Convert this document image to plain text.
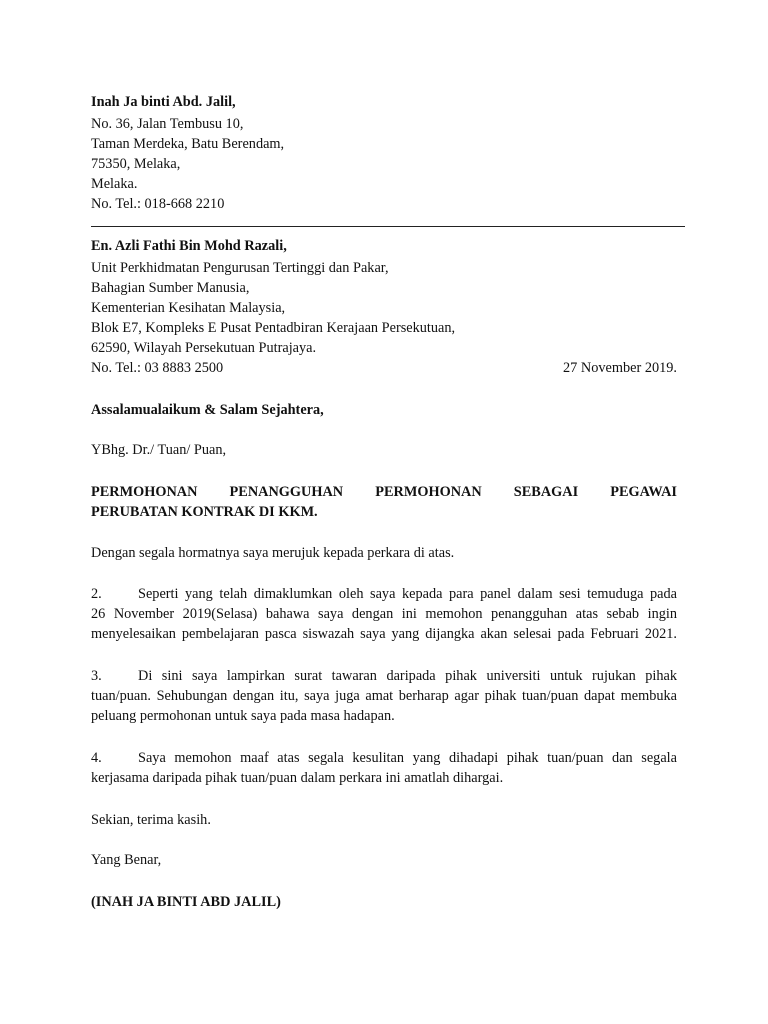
Inah Ja binti Abd. Jalil,
No. 36, Jalan Tembusu 10,
Taman Merdeka, Batu Berendam,
75350, Melaka,
Melaka.
No. Tel.: 018-668 2210
En. Azli Fathi Bin Mohd Razali,
Unit Perkhidmatan Pengurusan Tertinggi dan Pakar,
Bahagian Sumber Manusia,
Kementerian Kesihatan Malaysia,
Blok E7, Kompleks E Pusat Pentadbiran Kerajaan Persekutuan,
62590, Wilayah Persekutuan Putrajaya.
No. Tel.: 03 8883 2500	27 November 2019.
Assalamualaikum & Salam Sejahtera,
YBhg. Dr./ Tuan/ Puan,
PERMOHONAN PENANGGUHAN PERMOHONAN SEBAGAI PEGAWAI
PERUBATAN KONTRAK DI KKM.
Dengan segala hormatnya saya merujuk kepada perkara di atas.
2.	Seperti yang telah dimaklumkan oleh saya kepada para panel dalam sesi temuduga pada
26 November 2019(Selasa) bahawa saya dengan ini memohon penangguhan atas sebab ingin
menyelesaikan pembelajaran pasca siswazah saya yang dijangka akan selesai pada Februari 2021.
3.	Di sini saya lampirkan surat tawaran daripada pihak universiti untuk rujukan pihak
tuan/puan. Sehubungan dengan itu, saya juga amat berharap agar pihak tuan/puan dapat membuka
peluang permohonan untuk saya pada masa hadapan.
4.	Saya memohon maaf atas segala kesulitan yang dihadapi pihak tuan/puan dan segala
kerjasama daripada pihak tuan/puan dalam perkara ini amatlah dihargai.
Sekian, terima kasih.
Yang Benar,
(INAH JA BINTI ABD JALIL)
